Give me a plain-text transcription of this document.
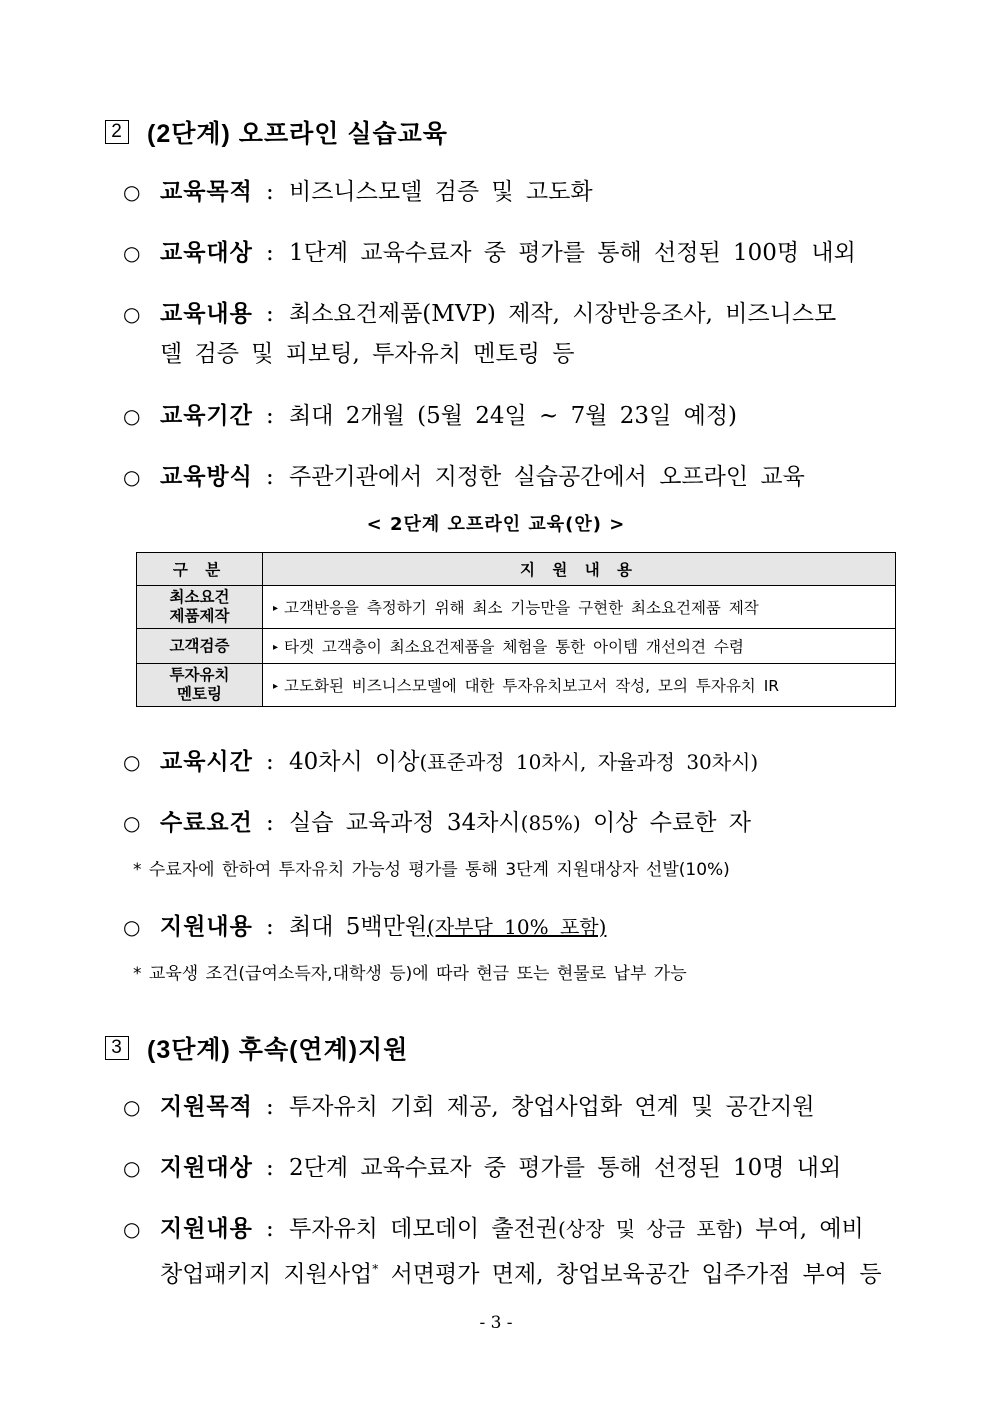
2 (2단계) 오프라인 실습교육
○ 교육목적 : 비즈니스모델 검증 및 고도화
○ 교육대상 : 1단계 교육수료자 중 평가를 통해 선정된 100명 내외
○ 교육내용 : 최소요건제품(MVP) 제작, 시장반응조사, 비즈니스모
델 검증 및 피보팅, 투자유치 멘토링 등
○ 교육기간 : 최대 2개월 (5월 24일 ~ 7월 23일 예정)
○ 교육방식 : 주관기관에서 지정한 실습공간에서 오프라인 교육
< 2단계 오프라인 교육(안) >
구 분	지 원 내 용
최소요건 제품제작	▸ 고객반응을 측정하기 위해 최소 기능만을 구현한 최소요건제품 제작
고객검증	▸ 타겟 고객층이 최소요건제품을 체험을 통한 아이템 개선의견 수렴
투자유치 멘토링	▸ 고도화된 비즈니스모델에 대한 투자유치보고서 작성, 모의 투자유치 IR
○ 교육시간 : 40차시 이상(표준과정 10차시, 자율과정 30차시)
○ 수료요건 : 실습 교육과정 34차시(85%) 이상 수료한 자
* 수료자에 한하여 투자유치 가능성 평가를 통해 3단계 지원대상자 선발(10%)
○ 지원내용 : 최대 5백만원(자부담 10% 포함)
* 교육생 조건(급여소득자,대학생 등)에 따라 현금 또는 현물로 납부 가능
3 (3단계) 후속(연계)지원
○ 지원목적 : 투자유치 기회 제공, 창업사업화 연계 및 공간지원
○ 지원대상 : 2단계 교육수료자 중 평가를 통해 선정된 10명 내외
○ 지원내용 : 투자유치 데모데이 출전권(상장 및 상금 포함) 부여, 예비
창업패키지 지원사업* 서면평가 면제, 창업보육공간 입주가점 부여 등
- 3 -
